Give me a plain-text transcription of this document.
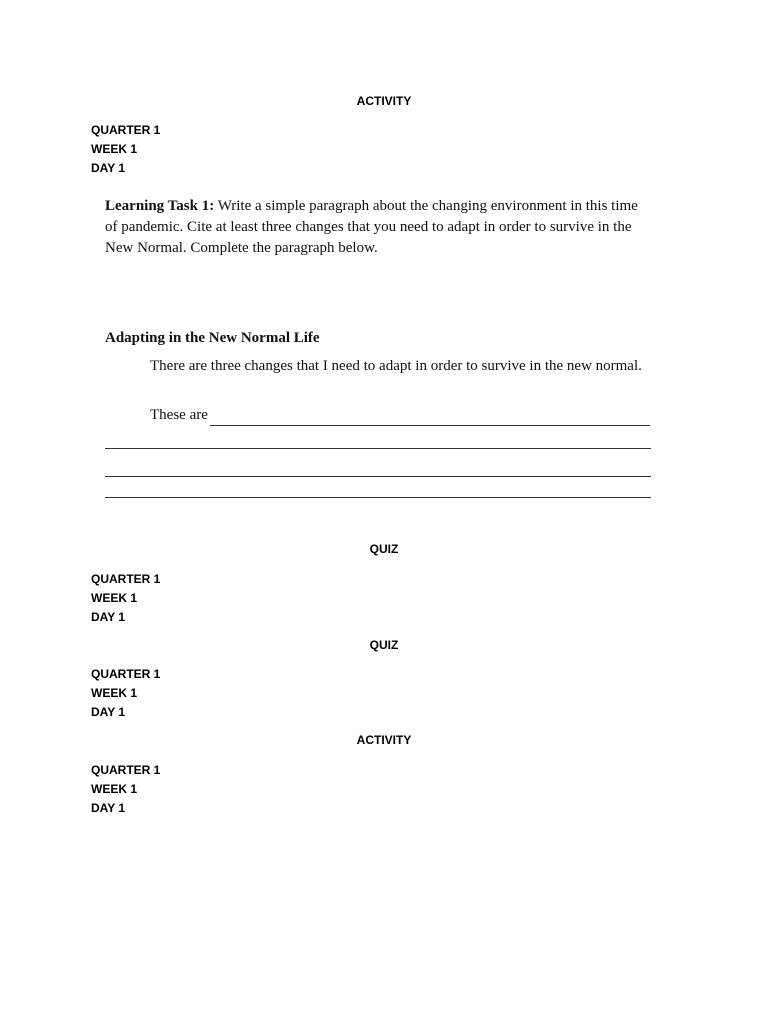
ACTIVITY
QUARTER 1
WEEK 1
DAY 1
Learning Task 1: Write a simple paragraph about the changing environment in this time of pandemic. Cite at least three changes that you need to adapt in order to survive in the New Normal. Complete the paragraph below.
Adapting in the New Normal Life
There are three changes that I need to adapt in order to survive in the new normal.
These are
QUIZ
QUARTER 1
WEEK 1
DAY 1
QUIZ
QUARTER 1
WEEK 1
DAY 1
ACTIVITY
QUARTER 1
WEEK 1
DAY 1
